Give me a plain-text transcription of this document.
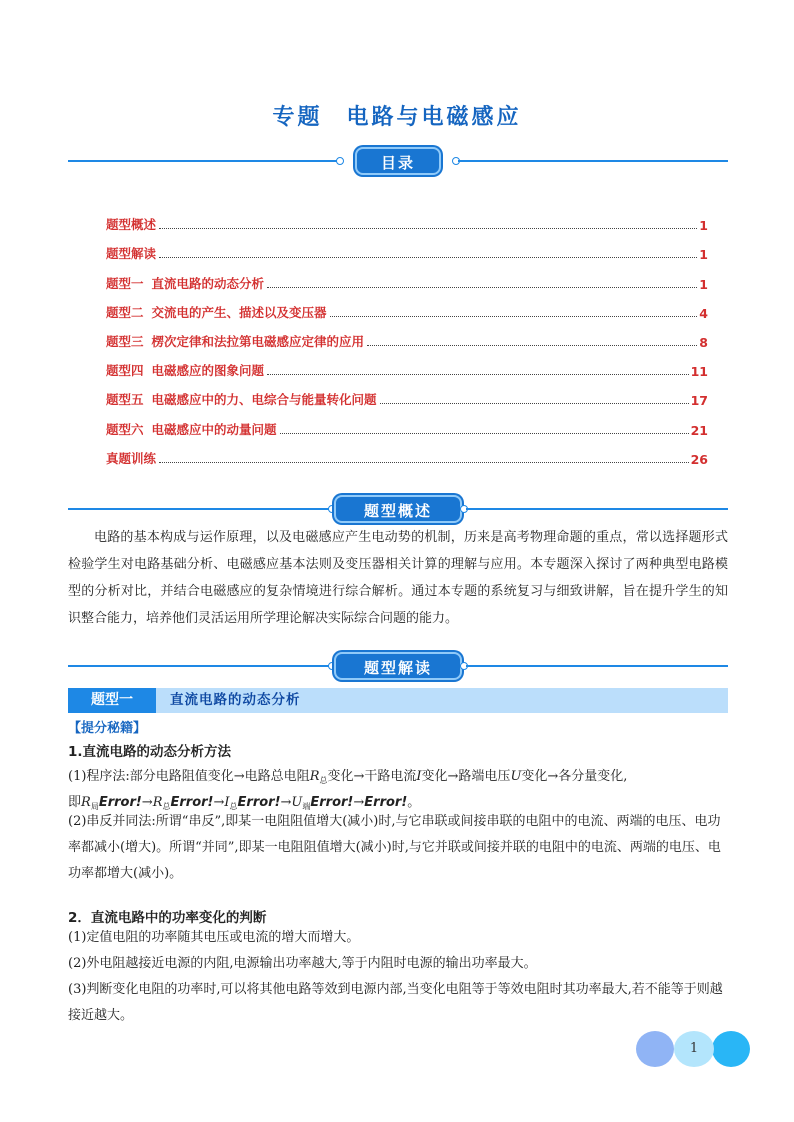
专题 电路与电磁感应
目录
题型概述	1
题型解读	1
题型一 直流电路的动态分析	1
题型二 交流电的产生、描述以及变压器	4
题型三 楞次定律和法拉第电磁感应定律的应用	8
题型四 电磁感应的图象问题	11
题型五 电磁感应中的力、电综合与能量转化问题	17
题型六 电磁感应中的动量问题	21
真题训练	26
题型概述
电路的基本构成与运作原理，以及电磁感应产生电动势的机制，历来是高考物理命题的重点，常以选择题形式检验学生对电路基础分析、电磁感应基本法则及变压器相关计算的理解与应用。本专题深入探讨了两种典型电路模型的分析对比，并结合电磁感应的复杂情境进行综合解析。通过本专题的系统复习与细致讲解，旨在提升学生的知识整合能力，培养他们灵活运用所学理论解决实际综合问题的能力。
题型解读
题型一	直流电路的动态分析
【提分秘籍】
1.直流电路的动态分析方法
(1)程序法:部分电路阻值变化→电路总电阻$R_总$变化→干路电流I变化→路端电压U变化→各分量变化,
即$R_局Error!\to R_总Error!\to I_总Error!\to U_端Error!\to Error$!。
(2)串反并同法:所谓“串反”,即某一电阻阻值增大(减小)时,与它串联或间接串联的电阻中的电流、两端的电压、电功率都减小(增大)。所谓“并同”,即某一电阻阻值增大(减小)时,与它并联或间接并联的电阻中的电流、两端的电压、电功率都增大(减小)。
2．直流电路中的功率变化的判断
(1)定值电阻的功率随其电压或电流的增大而增大。
(2)外电阻越接近电源的内阻,电源输出功率越大,等于内阻时电源的输出功率最大。
(3)判断变化电阻的功率时,可以将其他电路等效到电源内部,当变化电阻等于等效电阻时其功率最大,若不能等于则越接近越大。
1
